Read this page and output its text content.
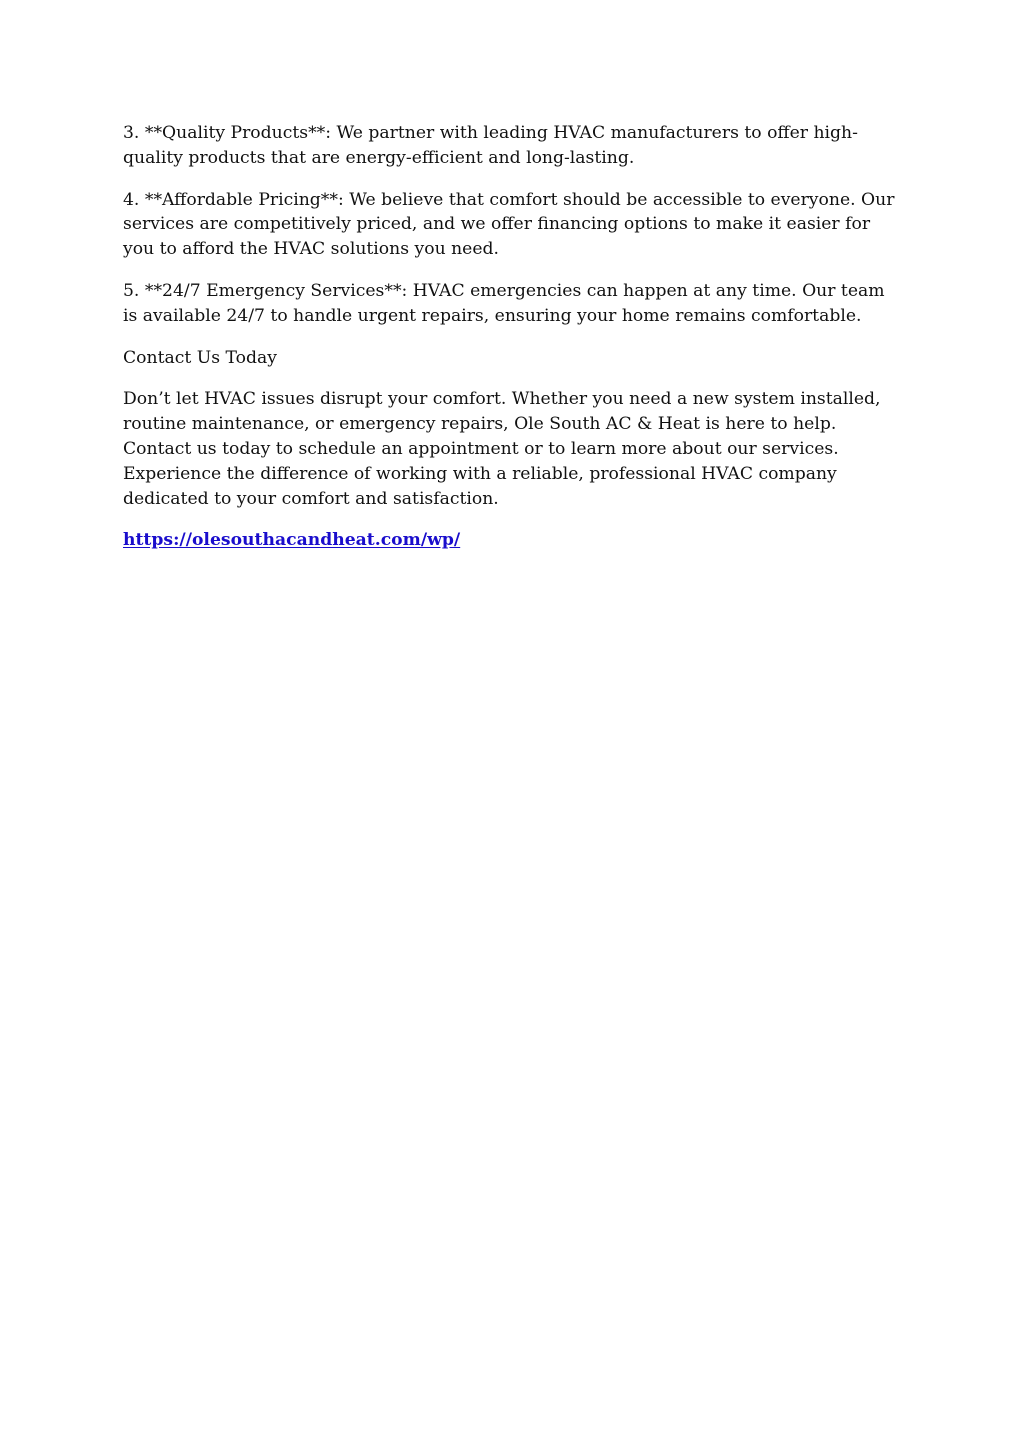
3. **Quality Products**: We partner with leading HVAC manufacturers to offer high-quality products that are energy-efficient and long-lasting.

4. **Affordable Pricing**: We believe that comfort should be accessible to everyone. Our services are competitively priced, and we offer financing options to make it easier for you to afford the HVAC solutions you need.

5. **24/7 Emergency Services**: HVAC emergencies can happen at any time. Our team is available 24/7 to handle urgent repairs, ensuring your home remains comfortable.

Contact Us Today

Don’t let HVAC issues disrupt your comfort. Whether you need a new system installed, routine maintenance, or emergency repairs, Ole South AC & Heat is here to help. Contact us today to schedule an appointment or to learn more about our services. Experience the difference of working with a reliable, professional HVAC company dedicated to your comfort and satisfaction.

https://olesouthacandheat.com/wp/
